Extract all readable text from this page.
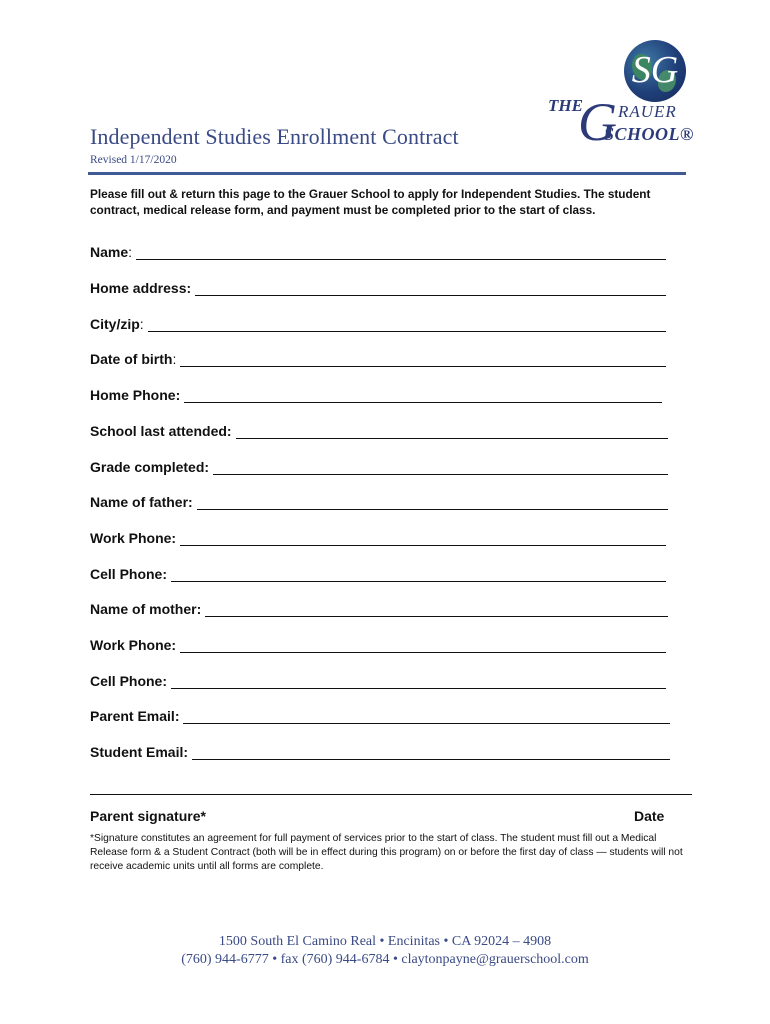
SG
THE
G RAUER
SCHOOL®
Independent Studies Enrollment Contract
Revised 1/17/2020
Please fill out & return this page to the Grauer School to apply for Independent Studies. The student contract, medical release form, and payment must be completed prior to the start of class.
Name :
Home address:
City/zip :
Date of birth :
Home Phone:
School last attended:
Grade completed:
Name of father:
Work Phone:
Cell Phone:
Name of mother:
Work Phone:
Cell Phone:
Parent Email:
Student Email:
Parent signature*	Date
*Signature constitutes an agreement for full payment of services prior to the start of class. The student must fill out a Medical Release form & a Student Contract (both will be in effect during this program) on or before the first day of class — students will not receive academic units until all forms are complete.
1500 South El Camino Real • Encinitas • CA 92024 – 4908
(760) 944-6777 • fax (760) 944-6784 • claytonpayne@grauerschool.com
